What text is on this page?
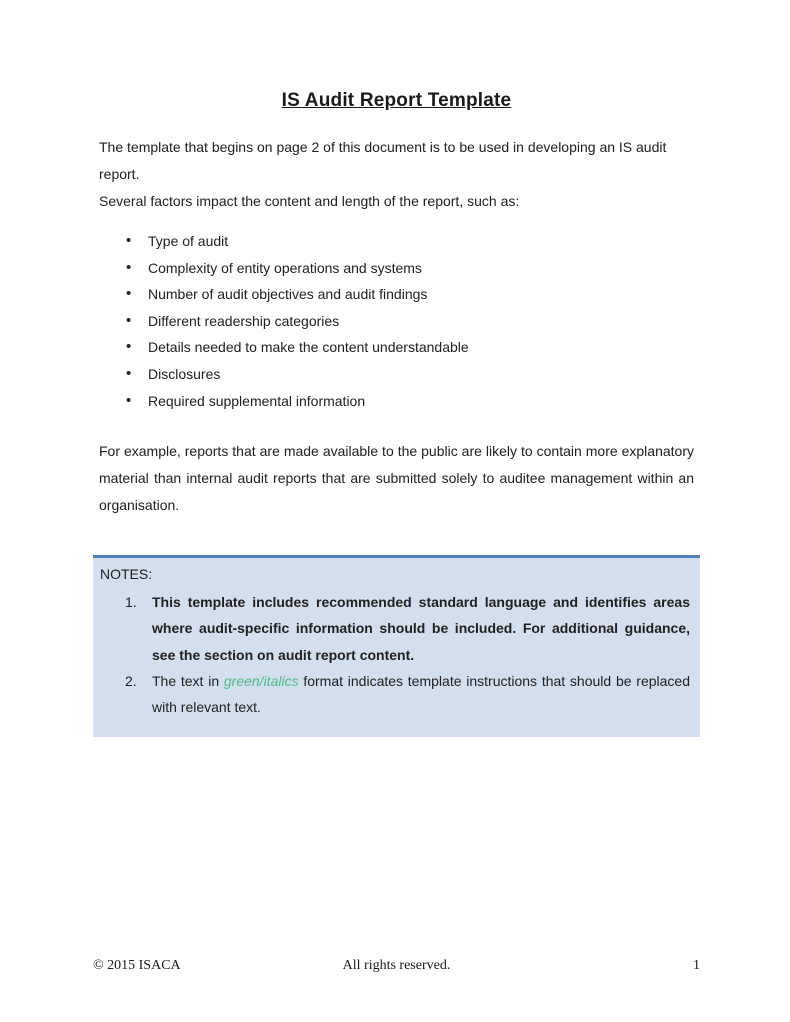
IS Audit Report Template

The template that begins on page 2 of this document is to be used in developing an IS audit report.
Several factors impact the content and length of the report, such as:

• Type of audit
• Complexity of entity operations and systems
• Number of audit objectives and audit findings
• Different readership categories
• Details needed to make the content understandable
• Disclosures
• Required supplemental information

For example, reports that are made available to the public are likely to contain more explanatory material than internal audit reports that are submitted solely to auditee management within an organisation.

NOTES:
This template includes recommended standard language and identifies areas where audit-specific information should be included. For additional guidance, see the section on audit report content.
The text in green/italics format indicates template instructions that should be replaced with relevant text.
© 2015 ISACA	All rights reserved.	1
